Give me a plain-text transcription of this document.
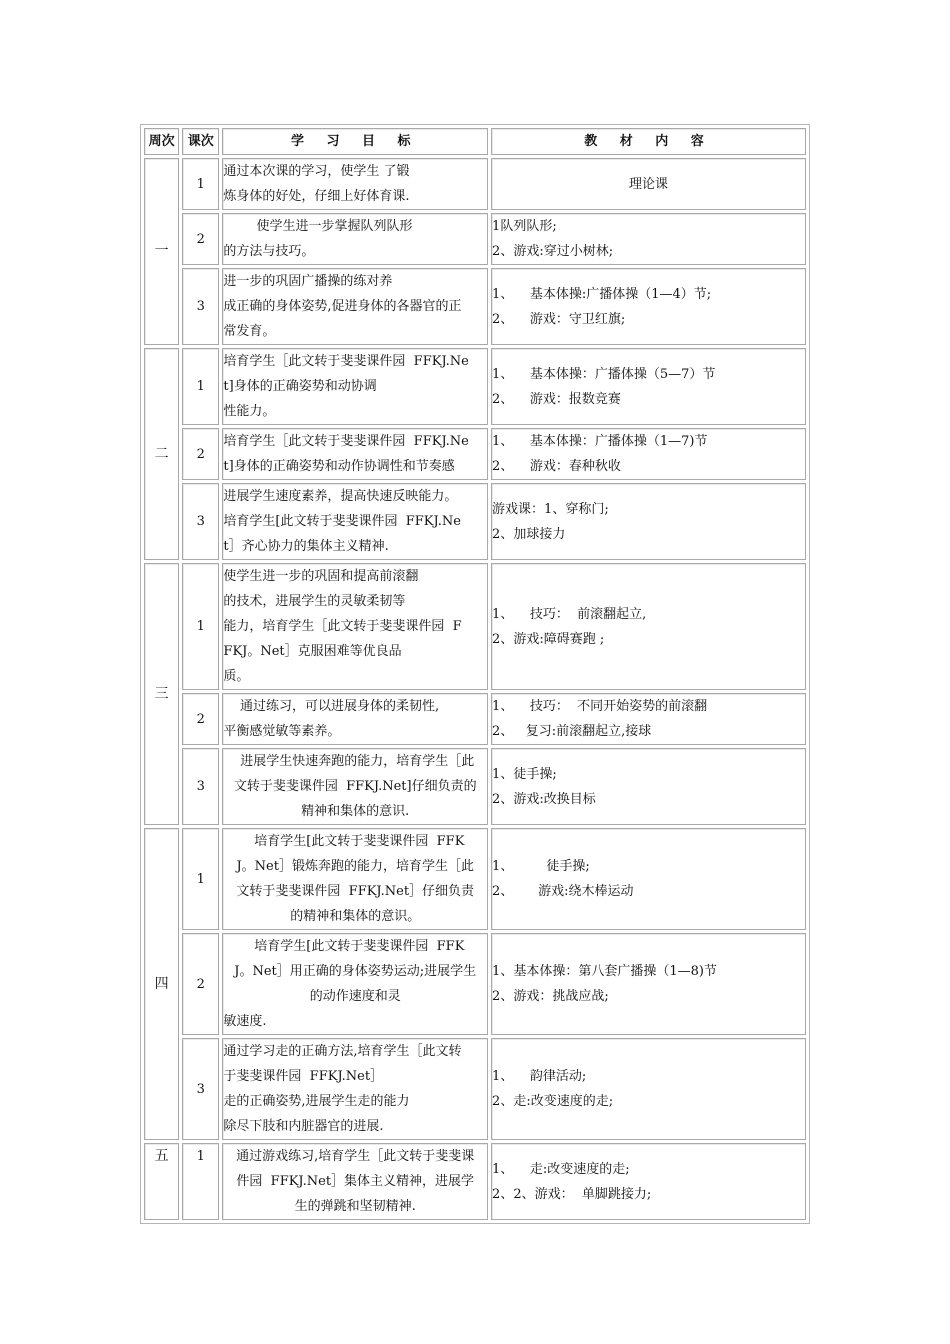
周次	课次	学 习 目 标	教 材 内 容
一	1	通过本次课的学习，使学生 了锻
炼身体的好处，仔细上好体育课.	理论课

	2	使学生进一步掌握队列队形
的方法与技巧。	1队列队形;
2、游戏:穿过小树林;

	3	进一步的巩固广播操的练对养
成正确的身体姿势,促进身体的各器官的正
常发育。	1、    基本体操:广播体操（1—4）节;
2、    游戏：守卫红旗;

二	1	培育学生［此文转于斐斐课件园  FFKJ.Ne
t]身体的正确姿势和动协调
性能力。	1、    基本体操：广播体操（5—7）节
2、    游戏：报数竞赛

	2	培育学生［此文转于斐斐课件园  FFKJ.Ne
t]身体的正确姿势和动作协调性和节奏感	1、    基本体操：广播体操（1—7)节
2、    游戏：春种秋收

	3	进展学生速度素养，提高快速反映能力。
培育学生[此文转于斐斐课件园  FFKJ.Ne
t］齐心协力的集体主义精神.	游戏课：1、穿称门;
2、加球接力

三	1	使学生进一步的巩固和提高前滚翻
的技术，进展学生的灵敏柔韧等
能力，培育学生［此文转于斐斐课件园  F
FKJ。Net］克服困难等优良品
质。	1、    技巧：  前滚翻起立,
2、游戏:障碍赛跑 ;

	2	通过练习，可以进展身体的柔韧性,
平衡感觉敏等素养。	1、    技巧：  不同开始姿势的前滚翻
2、   复习:前滚翻起立,接球

	3	进展学生快速奔跑的能力，培育学生［此
文转于斐斐课件园  FFKJ.Net]仔细负责的
精神和集体的意识.	1、徒手操;
2、游戏:改换目标

四	1	培育学生[此文转于斐斐课件园  FFK
J。Net］锻炼奔跑的能力，培育学生［此
文转于斐斐课件园  FFKJ.Net］仔细负责
的精神和集体的意识。	1、        徒手操;
2、      游戏:绕木棒运动

	2	培育学生[此文转于斐斐课件园  FFK
J。Net］用正确的身体姿势运动;进展学生
的动作速度和灵
敏速度.	1、基本体操：第八套广播操（1—8)节
2、游戏：挑战应战;

	3	通过学习走的正确方法,培育学生［此文转
于斐斐课件园  FFKJ.Net］
走的正确姿势,进展学生走的能力
除尽下肢和内脏器官的进展.	1、    韵律活动;
2、走:改变速度的走;

五	1	通过游戏练习,培育学生［此文转于斐斐课
件园  FFKJ.Net］集体主义精神，进展学
生的弹跳和坚韧精神.	1、    走:改变速度的走;
2、2、游戏：  单脚跳接力;
